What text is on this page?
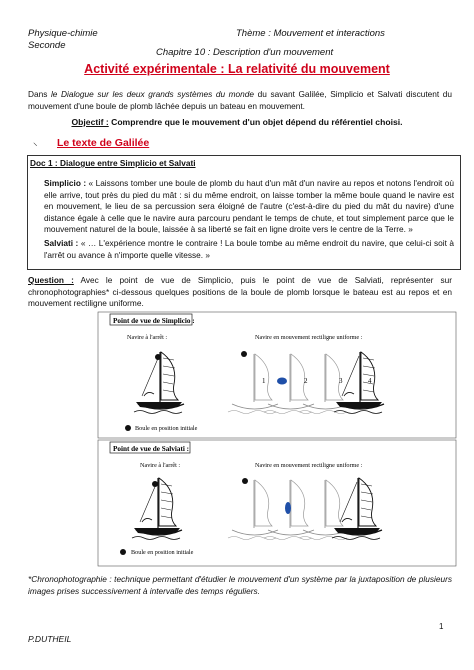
Physique-chimie
Seconde
Thème : Mouvement et interactions
Chapitre 10 : Description d'un mouvement
Activité expérimentale : La relativité du mouvement
Dans le Dialogue sur les deux grands systèmes du monde du savant Galilée, Simplicio et Salvati discutent du mouvement d'une boule de plomb lâchée depuis un bateau en mouvement.
Objectif : Comprendre que le mouvement d'un objet dépend du référentiel choisi.
⸌ Le texte de Galilée
Doc 1 : Dialogue entre Simplicio et Salvati
Simplicio : « Laissons tomber une boule de plomb du haut d'un mât d'un navire au repos et notons l'endroit où elle arrive, tout près du pied du mât : si du même endroit, on laisse tomber la même boule quand le navire est en mouvement, le lieu de sa percussion sera éloigné de l'autre (c'est-à-dire du pied du mât du navire) d'une distance égale à celle que le navire aura parcouru pendant le temps de chute, et tout simplement parce que le mouvement naturel de la boule, laissée à sa liberté se fait en ligne droite vers le centre de la Terre. »
Salviati : « … L'expérience montre le contraire ! La boule tombe au même endroit du navire, que celui-ci soit à l'arrêt ou avance à n'importe quelle vitesse. »
Question : Avec le point de vue de Simplicio, puis le point de vue de Salviati, représenter sur chronophotographies* ci-dessous quelques positions de la boule de plomb lorsque le bateau est au repos et en mouvement rectiligne uniforme.
Point de vue de Simplicio :
Navire à l'arrêt :	Navire en mouvement rectiligne uniforme :
1	2	3	4
Boule en position initiale
Point de vue de Salviati :
Navire à l'arrêt :	Navire en mouvement rectiligne uniforme :
Boule en position initiale
*Chronophotographie : technique permettant d'étudier le mouvement d'un système par la juxtaposition de plusieurs images prises successivement à intervalle des temps réguliers.
1
P.DUTHEIL
